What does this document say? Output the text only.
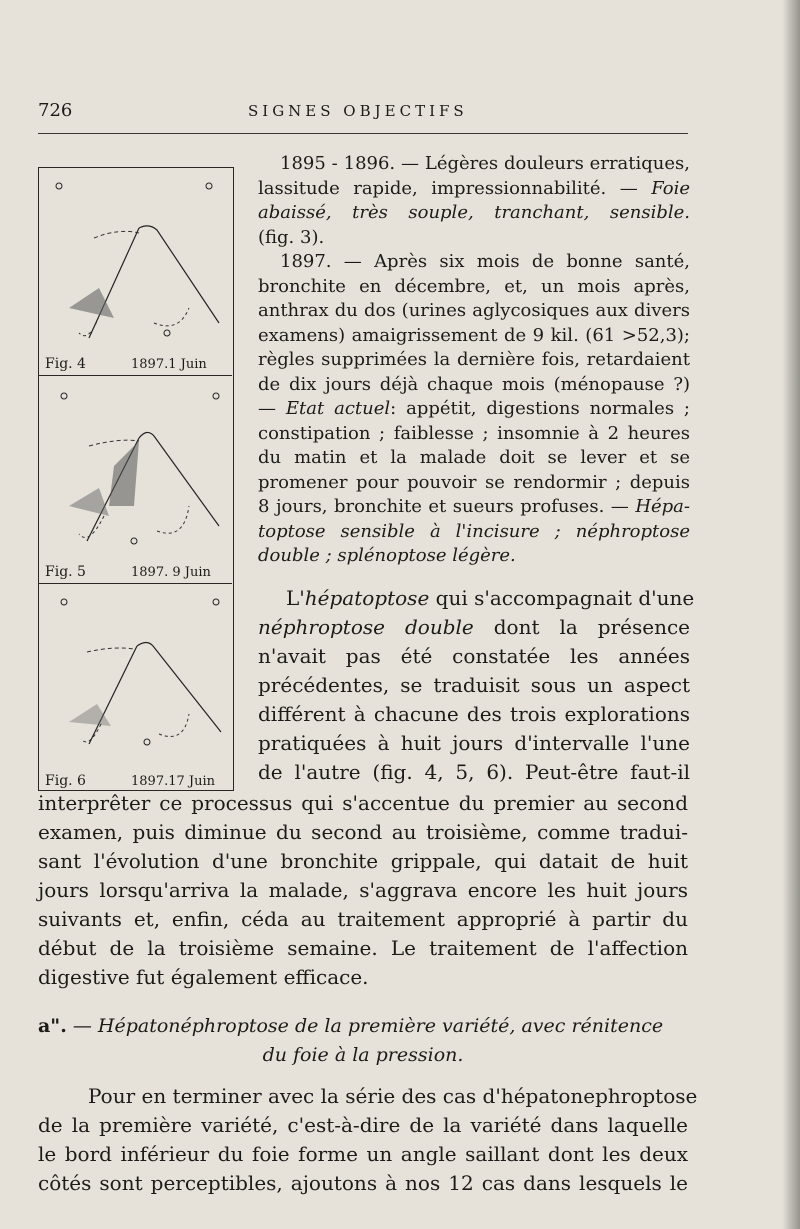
726	SIGNES OBJECTIFS
Fig. 4	1897.1 Juin
Fig. 5	1897. 9 Juin
Fig. 6	1897.17 Juin
1895 - 1896. — Légères douleurs erratiques,
lassitude rapide, impressionnabilité. — Foie
abaissé, très souple, tranchant, sensible.
(fig. 3).
1897. — Après six mois de bonne santé,
bronchite en décembre, et, un mois après,
anthrax du dos (urines aglycosiques aux divers
examens) amaigrissement de 9 kil. (61 >52,3);
règles supprimées la dernière fois, retardaient
de dix jours déjà chaque mois (ménopause ?)
— Etat actuel: appétit, digestions normales ;
constipation ; faiblesse ; insomnie à 2 heures
du matin et la malade doit se lever et se
promener pour pouvoir se rendormir ; depuis
8 jours, bronchite et sueurs profuses. — Hépa-
toptose sensible à l'incisure ; néphroptose
double ; splénoptose légère.
L'hépatoptose qui s'accompagnait d'une
néphroptose double dont la présence
n'avait pas été constatée les années
précédentes, se traduisit sous un aspect
différent à chacune des trois explorations
pratiquées à huit jours d'intervalle l'une
de l'autre (fig. 4, 5, 6). Peut-être faut-il
interprêter ce processus qui s'accentue du premier au second
examen, puis diminue du second au troisième, comme tradui-
sant l'évolution d'une bronchite grippale, qui datait de huit
jours lorsqu'arriva la malade, s'aggrava encore les huit jours
suivants et, enfin, céda au traitement approprié à partir du
début de la troisième semaine. Le traitement de l'affection
digestive fut également efficace.
a". — Hépatonéphroptose de la première variété, avec rénitence
du foie à la pression.
Pour en terminer avec la série des cas d'hépatonephroptose
de la première variété, c'est-à-dire de la variété dans laquelle
le bord inférieur du foie forme un angle saillant dont les deux
côtés sont perceptibles, ajoutons à nos 12 cas dans lesquels le
